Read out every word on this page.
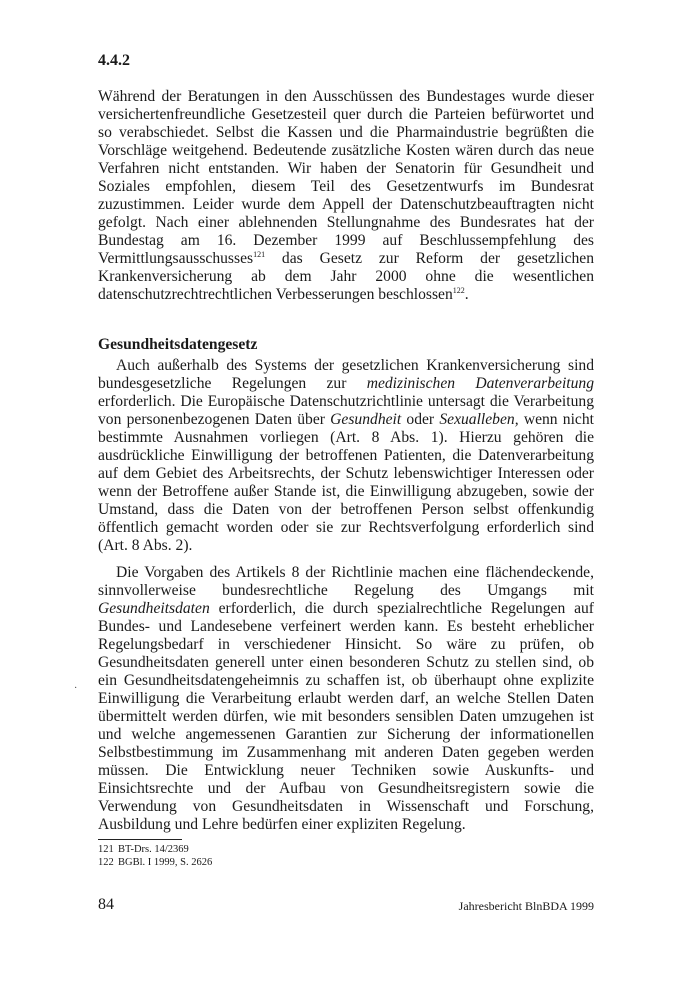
4.4.2

Während der Beratungen in den Ausschüssen des Bundestages wurde dieser versichertenfreundliche Gesetzesteil quer durch die Parteien befürwortet und so verabschiedet. Selbst die Kassen und die Pharmaindustrie begrüßten die Vorschläge weitgehend. Bedeutende zusätzliche Kosten wären durch das neue Verfahren nicht entstanden. Wir haben der Senatorin für Gesundheit und Soziales empfohlen, diesem Teil des Gesetzentwurfs im Bundesrat zuzustimmen. Leider wurde dem Appell der Datenschutzbeauftragten nicht gefolgt. Nach einer ablehnenden Stellungnahme des Bundesrates hat der Bundestag am 16. Dezember 1999 auf Beschlussempfehlung des Vermittlungsausschusses$^{121}$ das Gesetz zur Reform der gesetzlichen Krankenversicherung ab dem Jahr 2000 ohne die wesentlichen datenschutzrechtrechtlichen Verbesserungen beschlossen$^{122}$.

Gesundheitsdatengesetz

Auch außerhalb des Systems der gesetzlichen Krankenversicherung sind bundesgesetzliche Regelungen zur medizinischen Datenverarbeitung erforderlich. Die Europäische Datenschutzrichtlinie untersagt die Verarbeitung von personenbezogenen Daten über Gesundheit oder Sexualleben, wenn nicht bestimmte Ausnahmen vorliegen (Art. 8 Abs. 1). Hierzu gehören die ausdrückliche Einwilligung der betroffenen Patienten, die Datenverarbeitung auf dem Gebiet des Arbeitsrechts, der Schutz lebenswichtiger Interessen oder wenn der Betroffene außer Stande ist, die Einwilligung abzugeben, sowie der Umstand, dass die Daten von der betroffenen Person selbst offenkundig öffentlich gemacht worden oder sie zur Rechtsverfolgung erforderlich sind (Art. 8 Abs. 2).

Die Vorgaben des Artikels 8 der Richtlinie machen eine flächendeckende, sinnvollerweise bundesrechtliche Regelung des Umgangs mit Gesundheitsdaten erforderlich, die durch spezialrechtliche Regelungen auf Bundes- und Landesebene verfeinert werden kann. Es besteht erheblicher Regelungsbedarf in verschiedener Hinsicht. So wäre zu prüfen, ob Gesundheitsdaten generell unter einen besonderen Schutz zu stellen sind, ob ein Gesundheitsdatengeheimnis zu schaffen ist, ob überhaupt ohne explizite Einwilligung die Verarbeitung erlaubt werden darf, an welche Stellen Daten übermittelt werden dürfen, wie mit besonders sensiblen Daten umzugehen ist und welche angemessenen Garantien zur Sicherung der informationellen Selbstbestimmung im Zusammenhang mit anderen Daten gegeben werden müssen. Die Entwicklung neuer Techniken sowie Auskunfts- und Einsichtsrechte und der Aufbau von Gesundheitsregistern sowie die Verwendung von Gesundheitsdaten in Wissenschaft und Forschung, Ausbildung und Lehre bedürfen einer expliziten Regelung.

121 BT-Drs. 14/2369

122 BGBl. I 1999, S. 2626

·
84	Jahresbericht BlnBDA 1999
